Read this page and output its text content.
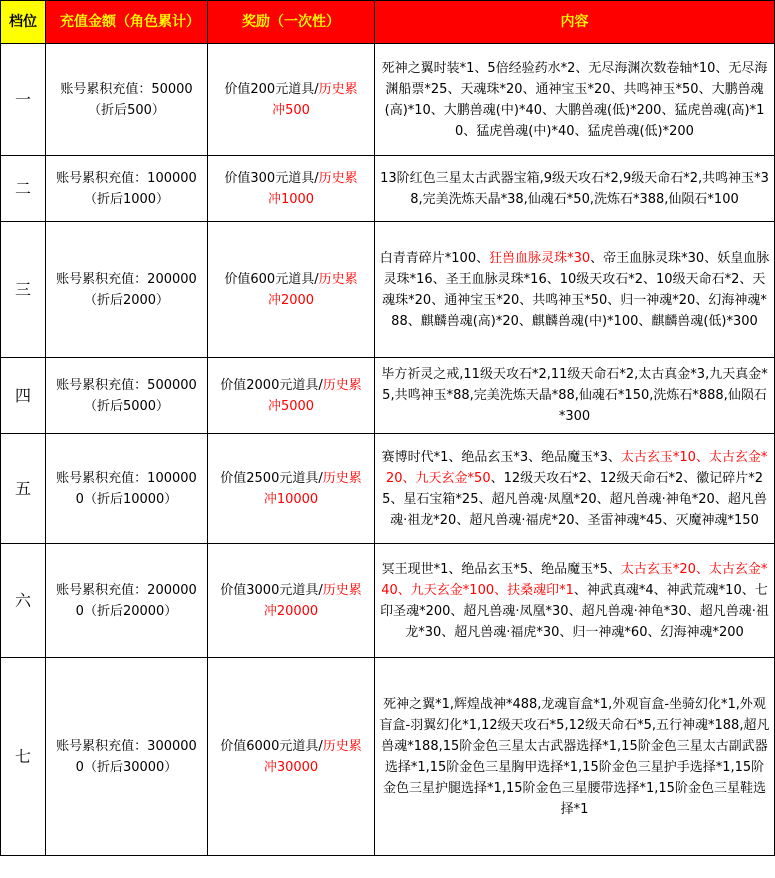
档位	充值金额（角色累计）	奖励（一次性）	内容
一	账号累积充值：50000（折后500）	价值200元道具/历史累冲500	死神之翼时装*1、5倍经验药水*2、无尽海渊次数卷轴*10、无尽海渊船票*25、天魂珠*20、通神宝玉*20、共鸣神玉*50、大鹏兽魂(高)*10、大鹏兽魂(中)*40、大鹏兽魂(低)*200、猛虎兽魂(高)*10、猛虎兽魂(中)*40、猛虎兽魂(低)*200
二	账号累积充值：100000（折后1000）	价值300元道具/历史累冲1000	13阶红色三星太古武器宝箱,9级天攻石*2,9级天命石*2,共鸣神玉*38,完美洗炼天晶*38,仙魂石*50,洗炼石*388,仙陨石*100
三	账号累积充值：200000（折后2000）	价值600元道具/历史累冲2000	白青青碎片*100、狂兽血脉灵珠*30、帝王血脉灵珠*30、妖皇血脉灵珠*16、圣王血脉灵珠*16、10级天攻石*2、10级天命石*2、天魂珠*20、通神宝玉*20、共鸣神玉*50、归一神魂*20、幻海神魂*88、麒麟兽魂(高)*20、麒麟兽魂(中)*100、麒麟兽魂(低)*300
四	账号累积充值：500000（折后5000）	价值2000元道具/历史累冲5000	毕方祈灵之戒,11级天攻石*2,11级天命石*2,太古真金*3,九天真金*5,共鸣神玉*88,完美洗炼天晶*88,仙魂石*150,洗炼石*888,仙陨石*300
五	账号累积充值：1000000（折后10000）	价值2500元道具/历史累冲10000	赛博时代*1、绝品玄玉*3、绝品魔玉*3、太古玄玉*10、太古玄金*20、九天玄金*50、12级天攻石*2、12级天命石*2、徽记碎片*25、星石宝箱*25、超凡兽魂·凤凰*20、超凡兽魂·神龟*20、超凡兽魂·祖龙*20、超凡兽魂·福虎*20、圣雷神魂*45、灭魔神魂*150
六	账号累积充值：2000000（折后20000）	价值3000元道具/历史累冲20000	冥王现世*1、绝品玄玉*5、绝品魔玉*5、太古玄玉*20、太古玄金*40、九天玄金*100、扶桑魂印*1、神武真魂*4、神武荒魂*10、七印圣魂*200、超凡兽魂·凤凰*30、超凡兽魂·神龟*30、超凡兽魂·祖龙*30、超凡兽魂·福虎*30、归一神魂*60、幻海神魂*200
七	账号累积充值：3000000（折后30000）	价值6000元道具/历史累冲30000	死神之翼*1,辉煌战神*488,龙魂盲盒*1,外观盲盒-坐骑幻化*1,外观盲盒-羽翼幻化*1,12级天攻石*5,12级天命石*5,五行神魂*188,超凡兽魂*188,15阶金色三星太古武器选择*1,15阶金色三星太古副武器选择*1,15阶金色三星胸甲选择*1,15阶金色三星护手选择*1,15阶金色三星护腿选择*1,15阶金色三星腰带选择*1,15阶金色三星鞋选择*1
